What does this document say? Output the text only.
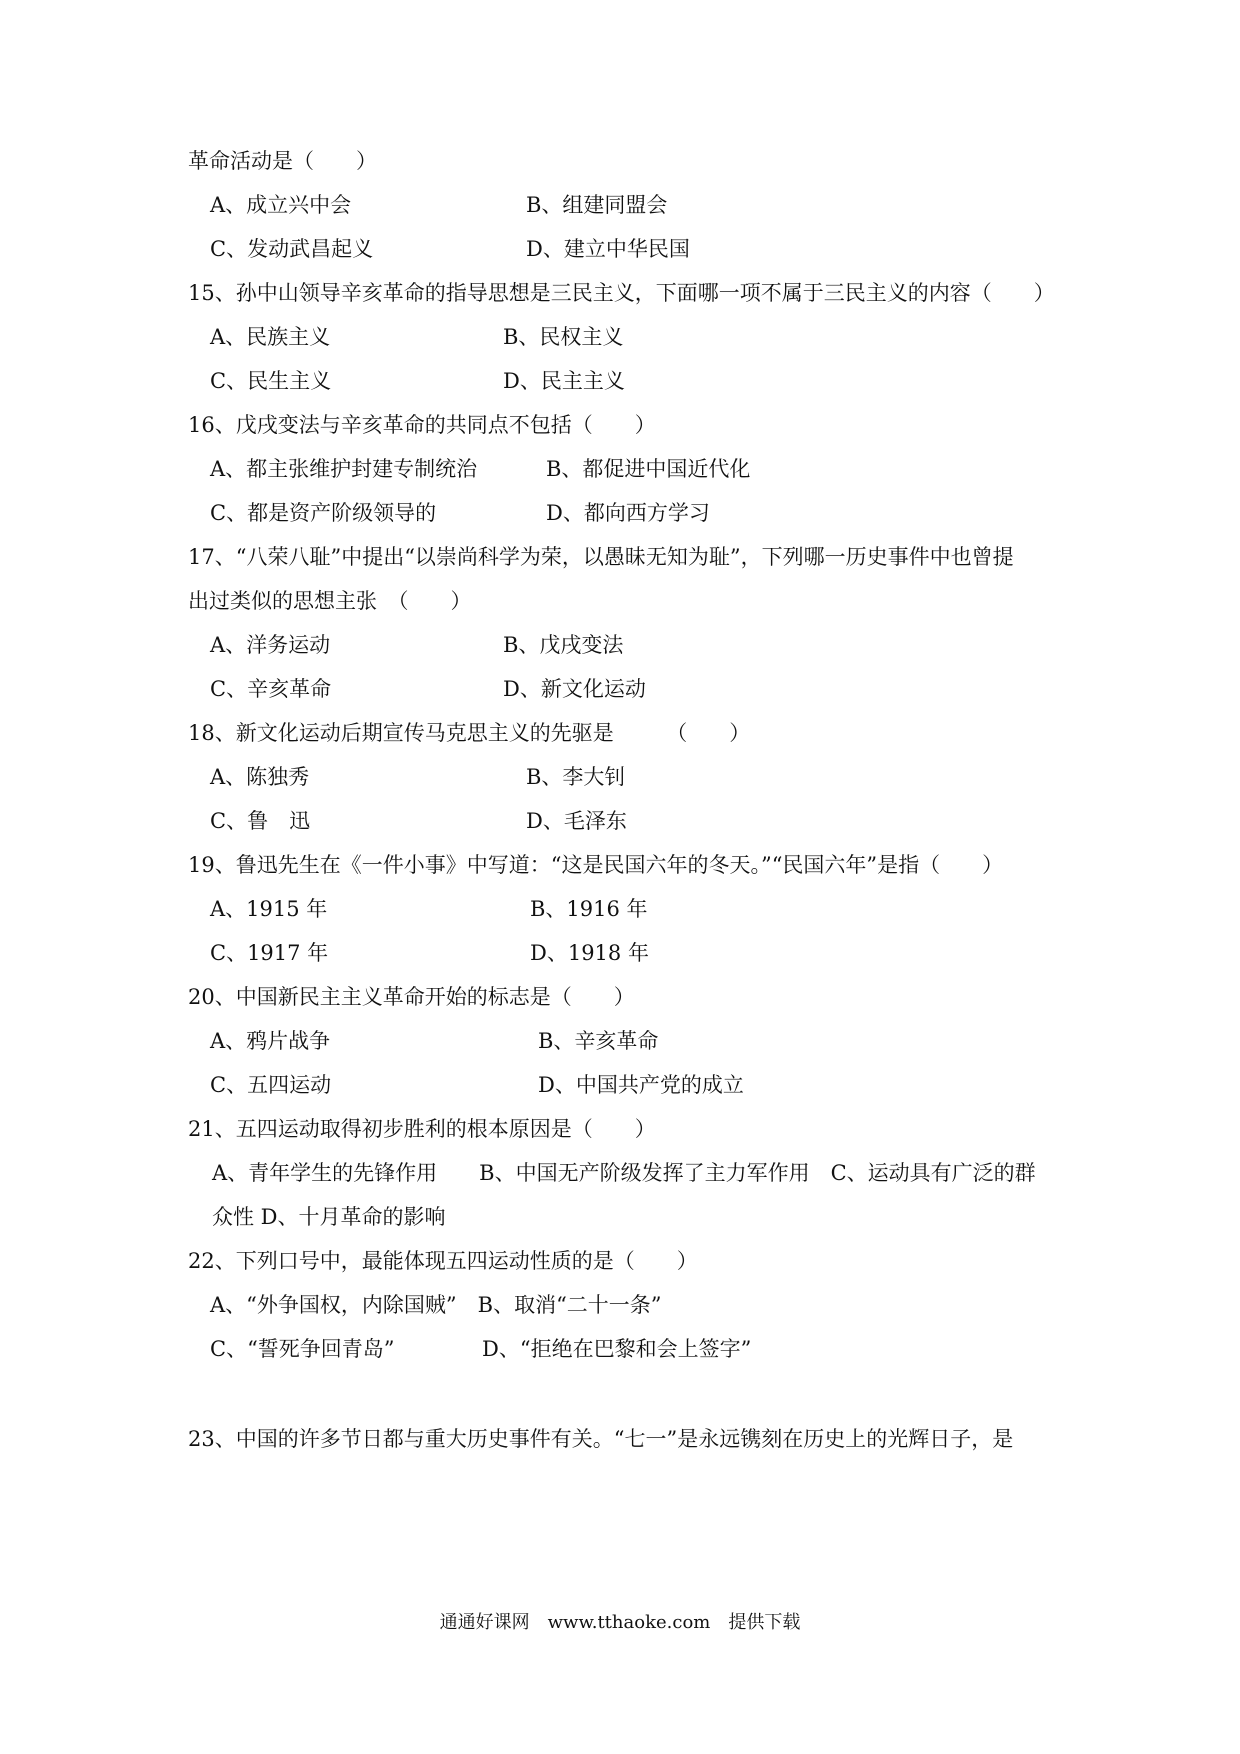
革命活动是（　　）
A、成立兴中会	B、组建同盟会
C、发动武昌起义	D、建立中华民国
15、孙中山领导辛亥革命的指导思想是三民主义，下面哪一项不属于三民主义的内容（　　）
A、民族主义	B、民权主义
C、民生主义	D、民主主义
16、戊戌变法与辛亥革命的共同点不包括（　　）
A、都主张维护封建专制统治	B、都促进中国近代化
C、都是资产阶级领导的	D、都向西方学习
17、“八荣八耻”中提出“以崇尚科学为荣，以愚昧无知为耻”，下列哪一历史事件中也曾提
出过类似的思想主张　（　　）
A、洋务运动	B、戊戌变法
C、辛亥革命	D、新文化运动
18、新文化运动后期宣传马克思主义的先驱是　　　（　　）
A、陈独秀	B、李大钊
C、鲁　迅	D、毛泽东
19、鲁迅先生在《一件小事》中写道：“这是民国六年的冬天。”“民国六年”是指（　　）
A、1915 年	B、1916 年
C、1917 年	D、1918 年
20、中国新民主主义革命开始的标志是（　　）
A、鸦片战争	B、辛亥革命
C、五四运动	D、中国共产党的成立
21、五四运动取得初步胜利的根本原因是（　　）
A、青年学生的先锋作用　　B、中国无产阶级发挥了主力军作用　C、运动具有广泛的群
众性 D、十月革命的影响
22、下列口号中，最能体现五四运动性质的是（　　）
A、“外争国权，内除国贼”　B、取消“二十一条”
C、“誓死争回青岛”	D、“拒绝在巴黎和会上签字”
23、中国的许多节日都与重大历史事件有关。“七一”是永远镌刻在历史上的光辉日子，是
通通好课网　www.tthaoke.com　提供下载
